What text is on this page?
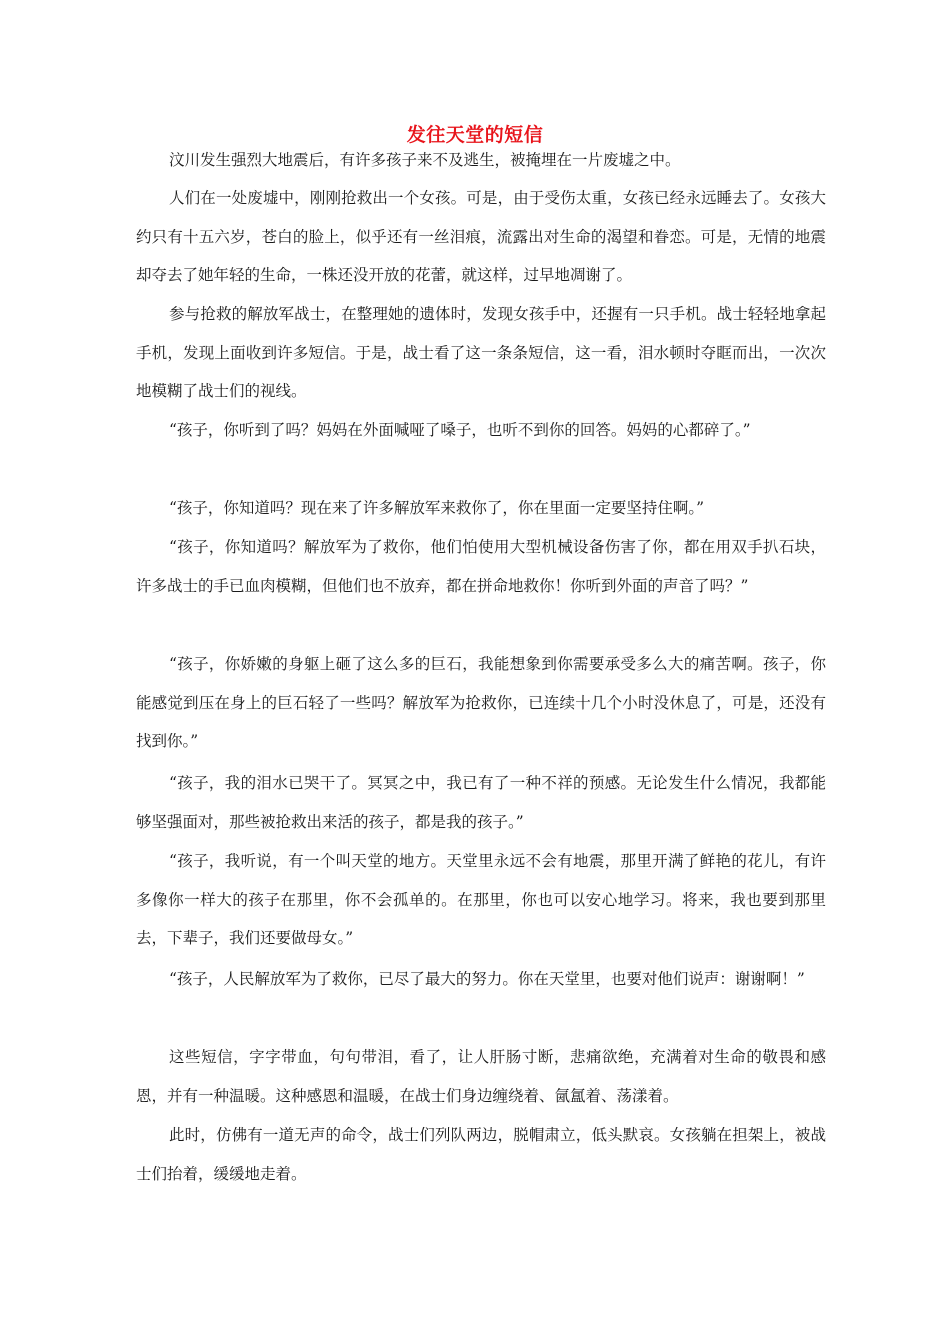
发往天堂的短信

汶川发生强烈大地震后，有许多孩子来不及逃生，被掩埋在一片废墟之中。

人们在一处废墟中，刚刚抢救出一个女孩。可是，由于受伤太重，女孩已经永远睡去了。女孩大约只有十五六岁，苍白的脸上，似乎还有一丝泪痕，流露出对生命的渴望和眷恋。可是，无情的地震却夺去了她年轻的生命，一株还没开放的花蕾，就这样，过早地凋谢了。

参与抢救的解放军战士，在整理她的遗体时，发现女孩手中，还握有一只手机。战士轻轻地拿起手机，发现上面收到许多短信。于是，战士看了这一条条短信，这一看，泪水顿时夺眶而出，一次次地模糊了战士们的视线。

“孩子，你听到了吗？妈妈在外面喊哑了嗓子，也听不到你的回答。妈妈的心都碎了。”

“孩子，你知道吗？现在来了许多解放军来救你了，你在里面一定要坚持住啊。”

“孩子，你知道吗？解放军为了救你，他们怕使用大型机械设备伤害了你，都在用双手扒石块，许多战士的手已血肉模糊，但他们也不放弃，都在拼命地救你！你听到外面的声音了吗？”

“孩子，你娇嫩的身躯上砸了这么多的巨石，我能想象到你需要承受多么大的痛苦啊。孩子，你能感觉到压在身上的巨石轻了一些吗？解放军为抢救你，已连续十几个小时没休息了，可是，还没有找到你。”

“孩子，我的泪水已哭干了。冥冥之中，我已有了一种不祥的预感。无论发生什么情况，我都能够坚强面对，那些被抢救出来活的孩子，都是我的孩子。”

“孩子，我听说，有一个叫天堂的地方。天堂里永远不会有地震，那里开满了鲜艳的花儿，有许多像你一样大的孩子在那里，你不会孤单的。在那里，你也可以安心地学习。将来，我也要到那里去，下辈子，我们还要做母女。”

“孩子，人民解放军为了救你，已尽了最大的努力。你在天堂里，也要对他们说声：谢谢啊！”

这些短信，字字带血，句句带泪，看了，让人肝肠寸断，悲痛欲绝，充满着对生命的敬畏和感恩，并有一种温暖。这种感恩和温暖，在战士们身边缠绕着、氤氲着、荡漾着。

此时，仿佛有一道无声的命令，战士们列队两边，脱帽肃立，低头默哀。女孩躺在担架上，被战士们抬着，缓缓地走着。
